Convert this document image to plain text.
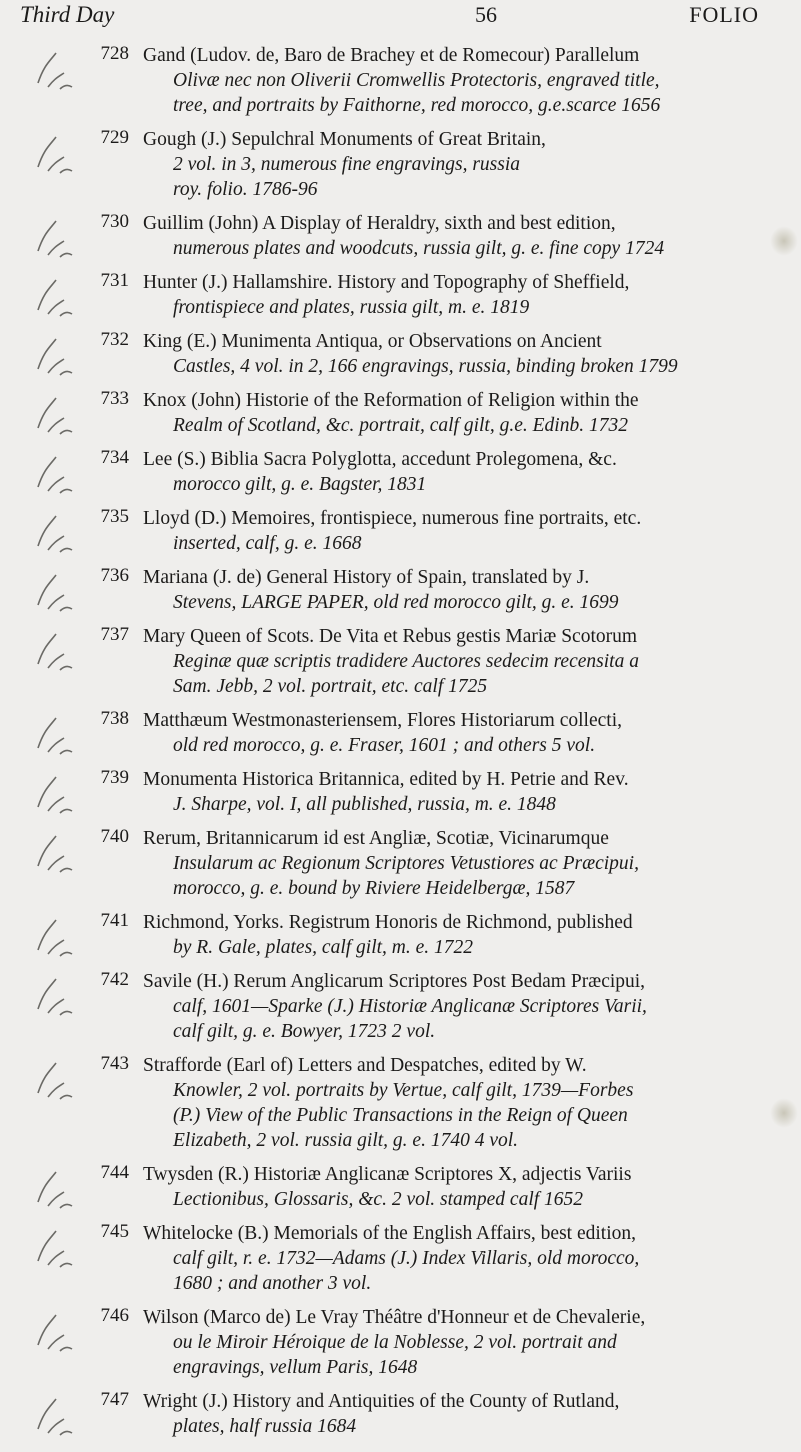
Third Day	56	FOLIO
728 Gand (Ludov. de, Baro de Brachey et de Romecour) Parallelum
Olivæ nec non Oliverii Cromwellis Protectoris, engraved title,
tree, and portraits by Faithorne, red morocco, g.e.scarce 1656
729 Gough (J.) Sepulchral Monuments of Great Britain,
2 vol. in 3, numerous fine engravings, russia
roy. folio. 1786-96
730 Guillim (John) A Display of Heraldry, sixth and best edition,
numerous plates and woodcuts, russia gilt, g. e. fine copy 1724
731 Hunter (J.) Hallamshire. History and Topography of Sheffield,
frontispiece and plates, russia gilt, m. e. 1819
732 King (E.) Munimenta Antiqua, or Observations on Ancient
Castles, 4 vol. in 2, 166 engravings, russia, binding broken 1799
733 Knox (John) Historie of the Reformation of Religion within the
Realm of Scotland, &c. portrait, calf gilt, g.e. Edinb. 1732
734 Lee (S.) Biblia Sacra Polyglotta, accedunt Prolegomena, &c.
morocco gilt, g. e. Bagster, 1831
735 Lloyd (D.) Memoires, frontispiece, numerous fine portraits, etc.
inserted, calf, g. e. 1668
736 Mariana (J. de) General History of Spain, translated by J.
Stevens, LARGE PAPER, old red morocco gilt, g. e. 1699
737 Mary Queen of Scots. De Vita et Rebus gestis Mariæ Scotorum
Reginæ quæ scriptis tradidere Auctores sedecim recensita a
Sam. Jebb, 2 vol. portrait, etc. calf 1725
738 Matthæum Westmonasteriensem, Flores Historiarum collecti,
old red morocco, g. e. Fraser, 1601 ; and others 5 vol.
739 Monumenta Historica Britannica, edited by H. Petrie and Rev.
J. Sharpe, vol. I, all published, russia, m. e. 1848
740 Rerum, Britannicarum id est Angliæ, Scotiæ, Vicinarumque
Insularum ac Regionum Scriptores Vetustiores ac Præcipui,
morocco, g. e. bound by Riviere Heidelbergæ, 1587
741 Richmond, Yorks. Registrum Honoris de Richmond, published
by R. Gale, plates, calf gilt, m. e. 1722
742 Savile (H.) Rerum Anglicarum Scriptores Post Bedam Præcipui,
calf, 1601—Sparke (J.) Historiæ Anglicanæ Scriptores Varii,
calf gilt, g. e. Bowyer, 1723 2 vol.
743 Strafforde (Earl of) Letters and Despatches, edited by W.
Knowler, 2 vol. portraits by Vertue, calf gilt, 1739—Forbes
(P.) View of the Public Transactions in the Reign of Queen
Elizabeth, 2 vol. russia gilt, g. e. 1740 4 vol.
744 Twysden (R.) Historiæ Anglicanæ Scriptores X, adjectis Variis
Lectionibus, Glossaris, &c. 2 vol. stamped calf 1652
745 Whitelocke (B.) Memorials of the English Affairs, best edition,
calf gilt, r. e. 1732—Adams (J.) Index Villaris, old morocco,
1680 ; and another 3 vol.
746 Wilson (Marco de) Le Vray Théâtre d'Honneur et de Chevalerie,
ou le Miroir Héroique de la Noblesse, 2 vol. portrait and
engravings, vellum Paris, 1648
747 Wright (J.) History and Antiquities of the County of Rutland,
plates, half russia 1684
